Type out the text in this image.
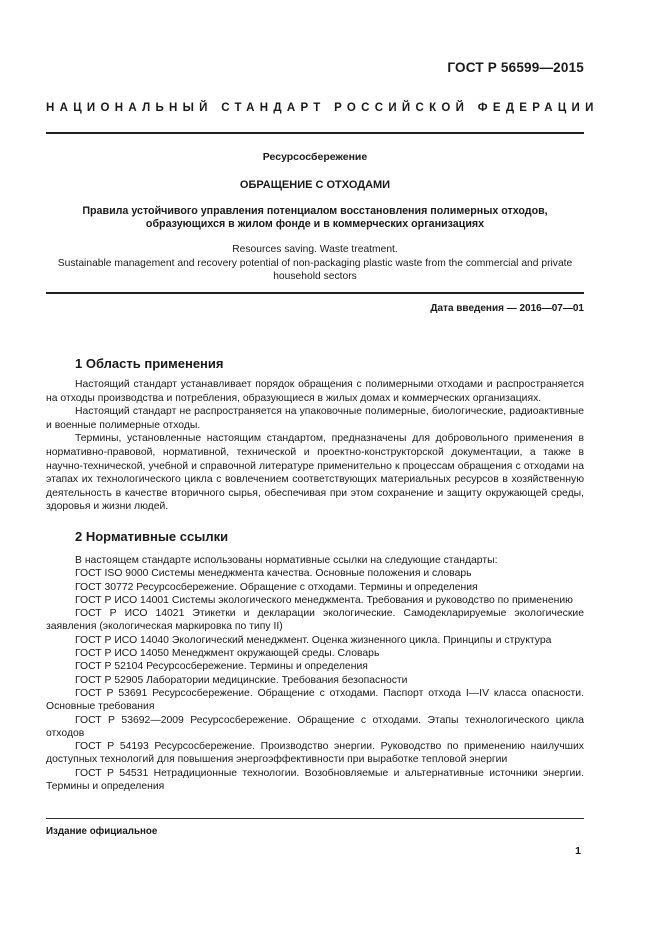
ГОСТ Р 56599—2015
НАЦИОНАЛЬНЫЙ СТАНДАРТ РОССИЙСКОЙ ФЕДЕРАЦИИ
Ресурсосбережение
ОБРАЩЕНИЕ С ОТХОДАМИ
Правила устойчивого управления потенциалом восстановления полимерных отходов,
образующихся в жилом фонде и в коммерческих организациях
Resources saving. Waste treatment.
Sustainable management and recovery potential of non-packaging plastic waste from the commercial and private
household sectors
Дата введения — 2016—07—01
1 Область применения

Настоящий стандарт устанавливает порядок обращения с полимерными отходами и распространяется на отходы производства и потребления, образующиеся в жилых домах и коммерческих организациях.

Настоящий стандарт не распространяется на упаковочные полимерные, биологические, радиоактивные и военные полимерные отходы.

Термины, установленные настоящим стандартом, предназначены для добровольного применения в нормативно-правовой, нормативной, технической и проектно-конструкторской документации, а также в научно-технической, учебной и справочной литературе применительно к процессам обращения с отходами на этапах их технологического цикла с вовлечением соответствующих материальных ресурсов в хозяйственную деятельность в качестве вторичного сырья, обеспечивая при этом сохранение и защиту окружающей среды, здоровья и жизни людей.

2 Нормативные ссылки

В настоящем стандарте использованы нормативные ссылки на следующие стандарты:

ГОСТ ISO 9000 Системы менеджмента качества. Основные положения и словарь

ГОСТ 30772 Ресурсосбережение. Обращение с отходами. Термины и определения

ГОСТ Р ИСО 14001 Системы экологического менеджмента. Требования и руководство по применению

ГОСТ Р ИСО 14021 Этикетки и декларации экологические. Самодекларируемые экологические заявления (экологическая маркировка по типу II)

ГОСТ Р ИСО 14040 Экологический менеджмент. Оценка жизненного цикла. Принципы и структура

ГОСТ Р ИСО 14050 Менеджмент окружающей среды. Словарь

ГОСТ Р 52104 Ресурсосбережение. Термины и определения

ГОСТ Р 52905 Лаборатории медицинские. Требования безопасности

ГОСТ Р 53691 Ресурсосбережение. Обращение с отходами. Паспорт отхода I—IV класса опасности. Основные требования

ГОСТ Р 53692—2009 Ресурсосбережение. Обращение с отходами. Этапы технологического цикла отходов

ГОСТ Р 54193 Ресурсосбережение. Производство энергии. Руководство по применению наилучших доступных технологий для повышения энергоэффективности при выработке тепловой энергии

ГОСТ Р 54531 Нетрадиционные технологии. Возобновляемые и альтернативные источники энергии. Термины и определения

Издание официальное
1
